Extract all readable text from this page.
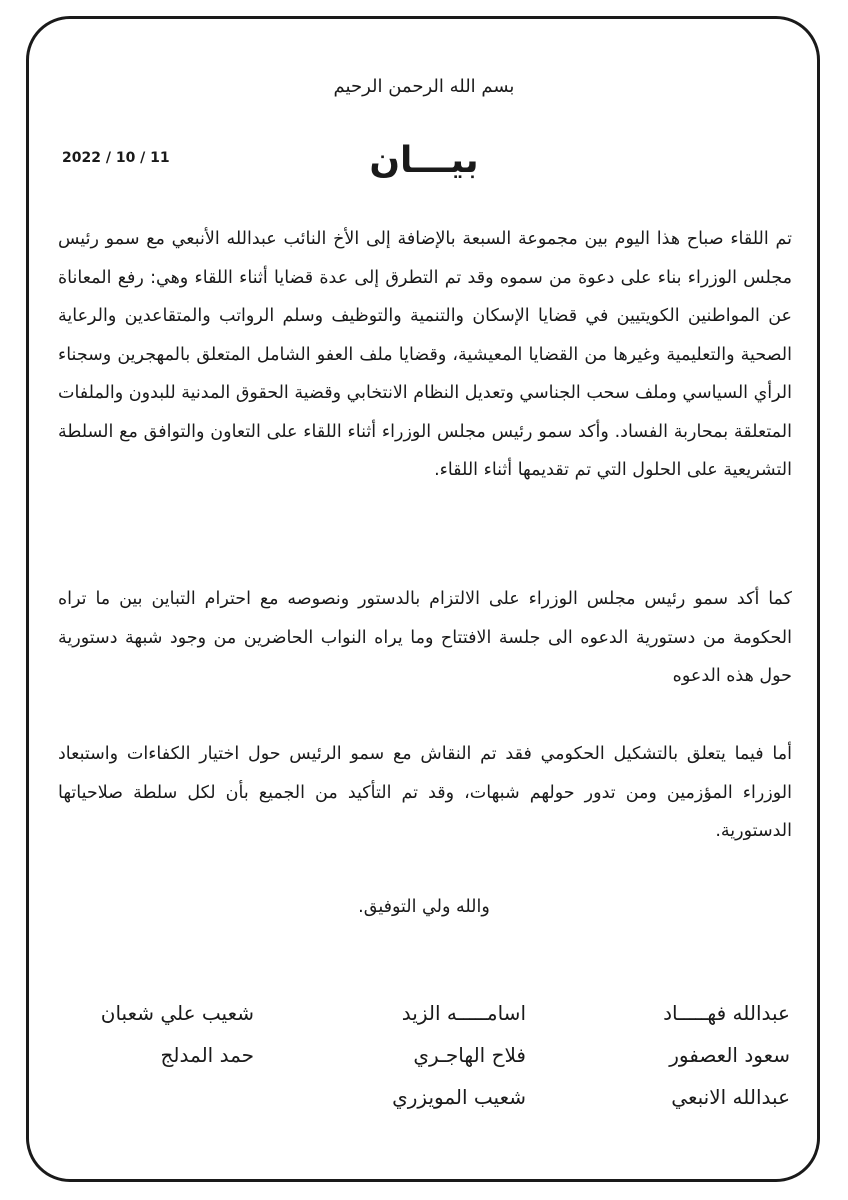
بسم الله الرحمن الرحيم
بيـــان
2022 / 10 / 11
تم اللقاء صباح هذا اليوم بين مجموعة السبعة بالإضافة إلى الأخ النائب عبدالله الأنبعي مع سمو رئيس مجلس الوزراء بناء على دعوة من سموه وقد تم التطرق إلى عدة قضايا أثناء اللقاء وهي: رفع المعاناة عن المواطنين الكويتيين في قضايا الإسكان والتنمية والتوظيف وسلم الرواتب والمتقاعدين والرعاية الصحية والتعليمية وغيرها من القضايا المعيشية، وقضايا ملف العفو الشامل المتعلق بالمهجرين وسجناء الرأي السياسي وملف سحب الجناسي وتعديل النظام الانتخابي وقضية الحقوق المدنية للبدون والملفات المتعلقة بمحاربة الفساد. وأكد سمو رئيس مجلس الوزراء أثناء اللقاء على التعاون والتوافق مع السلطة التشريعية على الحلول التي تم تقديمها أثناء اللقاء.
كما أكد سمو رئيس مجلس الوزراء على الالتزام بالدستور ونصوصه مع احترام التباين بين ما تراه الحكومة من دستورية الدعوه الى جلسة الافتتاح وما يراه النواب الحاضرين من وجود شبهة دستورية حول هذه الدعوه
أما فيما يتعلق بالتشكيل الحكومي فقد تم النقاش مع سمو الرئيس حول اختيار الكفاءات واستبعاد الوزراء المؤزمين ومن تدور حولهم شبهات، وقد تم التأكيد من الجميع بأن لكل سلطة صلاحياتها الدستورية.
والله ولي التوفيق.
عبدالله فهـــــاد
سعود العصفور
عبدالله الانبعي
اسامـــــه الزيد
فلاح الهاجـري
شعيب المويزري
شعيب علي شعبان
حمد المدلج
